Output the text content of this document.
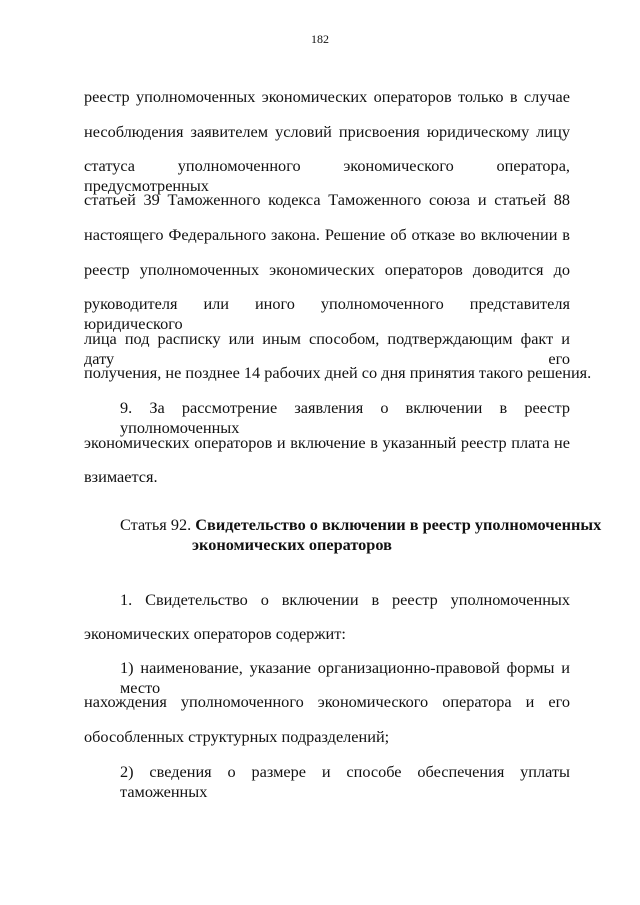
182
реестр уполномоченных экономических операторов только в случае
несоблюдения заявителем условий присвоения юридическому лицу
статуса уполномоченного экономического оператора, предусмотренных
статьей 39 Таможенного кодекса Таможенного союза и статьей 88
настоящего Федерального закона. Решение об отказе во включении в
реестр уполномоченных экономических операторов доводится до
руководителя или иного уполномоченного представителя юридического
лица под расписку или иным способом, подтверждающим факт и дату его
получения, не позднее 14 рабочих дней со дня принятия такого решения.
9. За рассмотрение заявления о включении в реестр уполномоченных
экономических операторов и включение в указанный реестр плата не
взимается.
Статья 92. Свидетельство о включении в реестр уполномоченных
экономических операторов
1. Свидетельство о включении в реестр уполномоченных
экономических операторов содержит:
1) наименование, указание организационно-правовой формы и место
нахождения уполномоченного экономического оператора и его
обособленных структурных подразделений;
2) сведения о размере и способе обеспечения уплаты таможенных
